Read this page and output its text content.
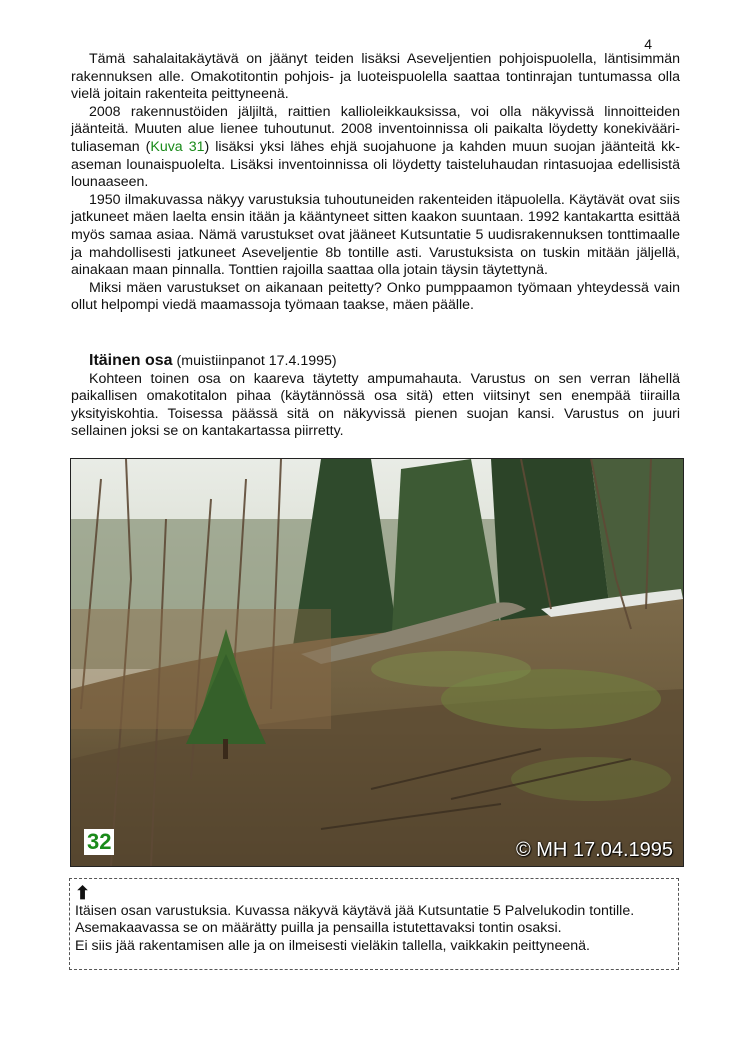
4

Tämä sahalaitakäytävä on jäänyt teiden lisäksi Aseveljentien pohjoispuolella, läntisimmän rakennuksen alle. Omakotitontin pohjois- ja luoteispuolella saattaa tontinrajan tuntumassa olla vielä joitain rakenteita peittyneenä.

2008 rakennustöiden jäljiltä, raittien kallioleikkauksissa, voi olla näkyvissä linnoitteiden jäänteitä. Muuten alue lienee tuhoutunut. 2008 inventoinnissa oli paikalta löydetty konekiväärituliaseman (Kuva 31) lisäksi yksi lähes ehjä suojahuone ja kahden muun suojan jäänteitä kk-aseman lounaispuolelta. Lisäksi inventoinnissa oli löydetty taisteluhaudan rintasuojaa edellisistä lounaaseen.

1950 ilmakuvassa näkyy varustuksia tuhoutuneiden rakenteiden itäpuolella. Käytävät ovat siis jatkuneet mäen laelta ensin itään ja kääntyneet sitten kaakon suuntaan. 1992 kantakartta esittää myös samaa asiaa. Nämä varustukset ovat jääneet Kutsuntatie 5 uudisrakennuksen tonttimaalle ja mahdollisesti jatkuneet Aseveljentie 8b tontille asti. Varustuksista on tuskin mitään jäljellä, ainakaan maan pinnalla. Tonttien rajoilla saattaa olla jotain täysin täytettynä.

Miksi mäen varustukset on aikanaan peitetty? Onko pumppaamon työmaan yhteydessä vain ollut helpompi viedä maamassoja työmaan taakse, mäen päälle.

Itäinen osa (muistiinpanot 17.4.1995)

Kohteen toinen osa on kaareva täytetty ampumahauta. Varustus on sen verran lähellä paikallisen omakotitalon pihaa (käytännössä osa sitä) etten viitsinyt sen enempää tiirailla yksityiskohtia. Toisessa päässä sitä on näkyvissä pienen suojan kansi. Varustus on juuri sellainen joksi se on kantakartassa piirretty.

32	© MH 17.04.1995
⬆
Itäisen osan varustuksia. Kuvassa näkyvä käytävä jää Kutsuntatie 5 Palvelukodin tontille.
Asemakaavassa se on määrätty puilla ja pensailla istutettavaksi tontin osaksi.
Ei siis jää rakentamisen alle ja on ilmeisesti vieläkin tallella, vaikkakin peittyneenä.
